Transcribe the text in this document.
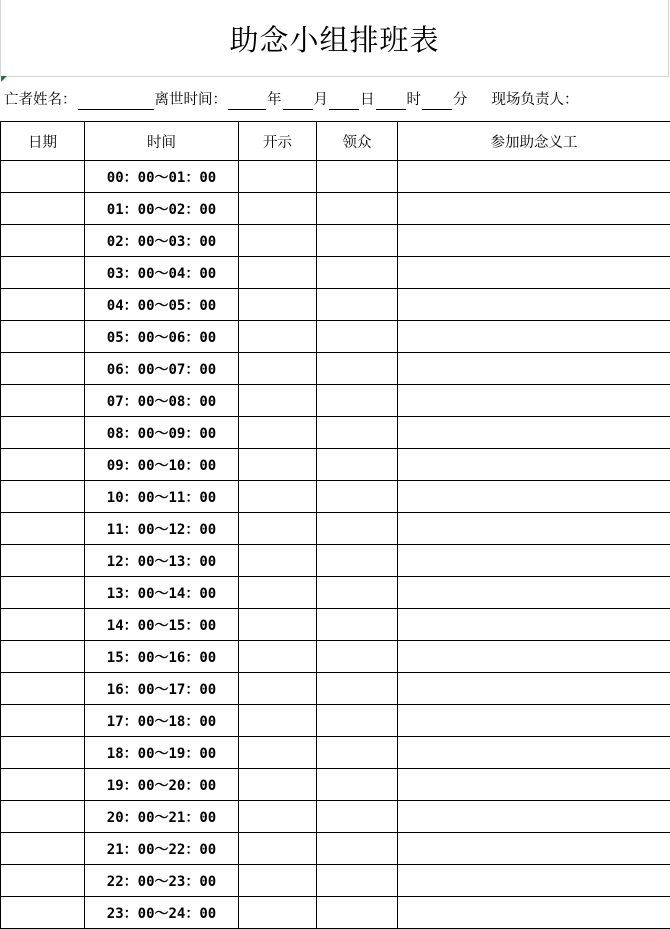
助念小组排班表
亡者姓名：	离世时间：	年 月 日 时 分 现场负责人：
日期	时间	开示	领众	参加助念义工
	00：00～01：00			
	01：00～02：00			
	02：00～03：00			
	03：00～04：00			
	04：00～05：00			
	05：00～06：00			
	06：00～07：00			
	07：00～08：00			
	08：00～09：00			
	09：00～10：00			
	10：00～11：00			
	11：00～12：00			
	12：00～13：00			
	13：00～14：00			
	14：00～15：00			
	15：00～16：00			
	16：00～17：00			
	17：00～18：00			
	18：00～19：00			
	19：00～20：00			
	20：00～21：00			
	21：00～22：00			
	22：00～23：00			
	23：00～24：00			
